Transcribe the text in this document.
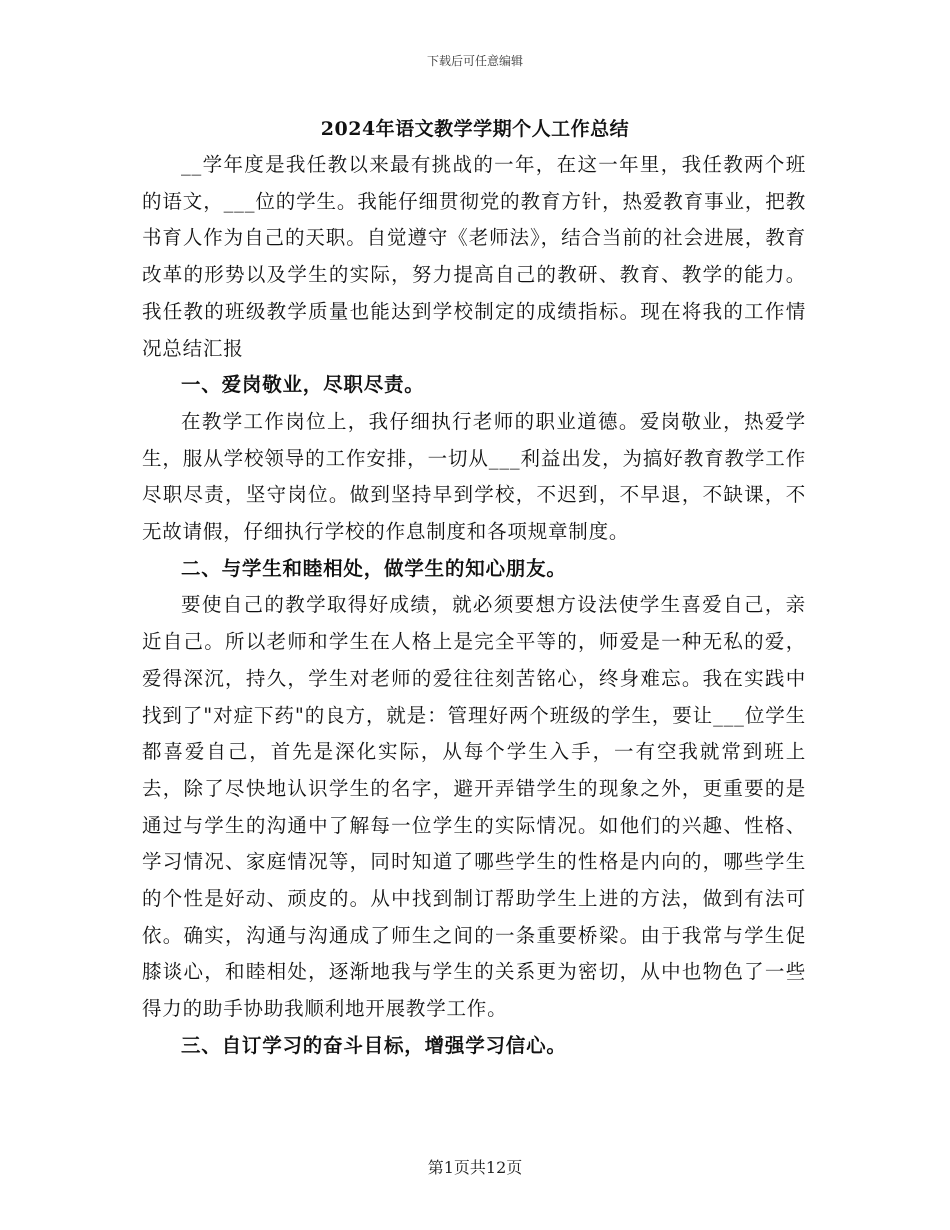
下载后可任意编辑
2024年语文教学学期个人工作总结

__学年度是我任教以来最有挑战的一年，在这一年里，我任教两个班的语文，___位的学生。我能仔细贯彻党的教育方针，热爱教育事业，把教书育人作为自己的天职。自觉遵守《老师法》，结合当前的社会进展，教育改革的形势以及学生的实际，努力提高自己的教研、教育、教学的能力。我任教的班级教学质量也能达到学校制定的成绩指标。现在将我的工作情况总结汇报

一、爱岗敬业，尽职尽责。

在教学工作岗位上，我仔细执行老师的职业道德。爱岗敬业，热爱学生，服从学校领导的工作安排，一切从___利益出发，为搞好教育教学工作尽职尽责，坚守岗位。做到坚持早到学校，不迟到，不早退，不缺课，不无故请假，仔细执行学校的作息制度和各项规章制度。

二、与学生和睦相处，做学生的知心朋友。

要使自己的教学取得好成绩，就必须要想方设法使学生喜爱自己，亲近自己。所以老师和学生在人格上是完全平等的，师爱是一种无私的爱，爱得深沉，持久，学生对老师的爱往往刻苦铭心，终身难忘。我在实践中找到了"对症下药"的良方，就是：管理好两个班级的学生，要让___位学生都喜爱自己，首先是深化实际，从每个学生入手，一有空我就常到班上去，除了尽快地认识学生的名字，避开弄错学生的现象之外，更重要的是通过与学生的沟通中了解每一位学生的实际情况。如他们的兴趣、性格、学习情况、家庭情况等，同时知道了哪些学生的性格是内向的，哪些学生的个性是好动、顽皮的。从中找到制订帮助学生上进的方法，做到有法可依。确实，沟通与沟通成了师生之间的一条重要桥梁。由于我常与学生促膝谈心，和睦相处，逐渐地我与学生的关系更为密切，从中也物色了一些得力的助手协助我顺利地开展教学工作。

三、自订学习的奋斗目标，增强学习信心。

第1页共12页
